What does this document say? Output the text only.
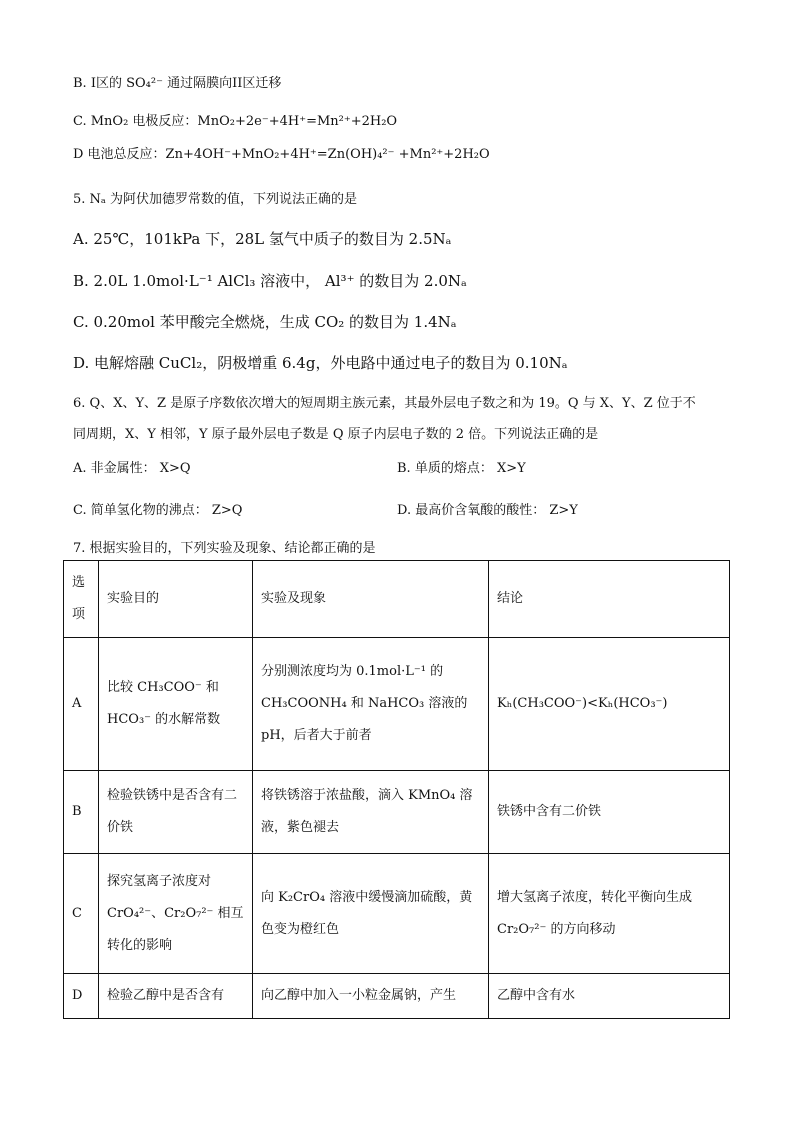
B. I区的 SO₄²⁻ 通过隔膜向II区迁移
C. MnO₂ 电极反应：MnO₂+2e⁻+4H⁺=Mn²⁺+2H₂O
D 电池总反应：Zn+4OH⁻+MnO₂+4H⁺=Zn(OH)₄²⁻ +Mn²⁺+2H₂O
5. Nₐ 为阿伏加德罗常数的值，下列说法正确的是
A. 25℃，101kPa 下，28L 氢气中质子的数目为 2.5Nₐ
B. 2.0L 1.0mol·L⁻¹ AlCl₃ 溶液中， Al³⁺ 的数目为 2.0Nₐ
C. 0.20mol 苯甲酸完全燃烧，生成 CO₂ 的数目为 1.4Nₐ
D. 电解熔融 CuCl₂，阴极增重 6.4g，外电路中通过电子的数目为 0.10Nₐ
6. Q、X、Y、Z 是原子序数依次增大的短周期主族元素，其最外层电子数之和为 19。Q 与 X、Y、Z 位于不
同周期，X、Y 相邻，Y 原子最外层电子数是 Q 原子内层电子数的 2 倍。下列说法正确的是
A. 非金属性： X>Q	B. 单质的熔点： X>Y
C. 简单氢化物的沸点： Z>Q	D. 最高价含氧酸的酸性： Z>Y
7. 根据实验目的，下列实验及现象、结论都正确的是
选项	实验目的	实验及现象	结论
A	比较 CH₃COO⁻ 和 HCO₃⁻ 的水解常数	分别测浓度均为 0.1mol·L⁻¹ 的 CH₃COONH₄ 和 NaHCO₃ 溶液的 pH，后者大于前者	Kₕ(CH₃COO⁻)<Kₕ(HCO₃⁻)
B	检验铁锈中是否含有二价铁	将铁锈溶于浓盐酸，滴入 KMnO₄ 溶液，紫色褪去	铁锈中含有二价铁
C	探究氢离子浓度对 CrO₄²⁻、Cr₂O₇²⁻ 相互转化的影响	向 K₂CrO₄ 溶液中缓慢滴加硫酸，黄色变为橙红色	增大氢离子浓度，转化平衡向生成 Cr₂O₇²⁻ 的方向移动
D	检验乙醇中是否含有	向乙醇中加入一小粒金属钠，产生	乙醇中含有水
